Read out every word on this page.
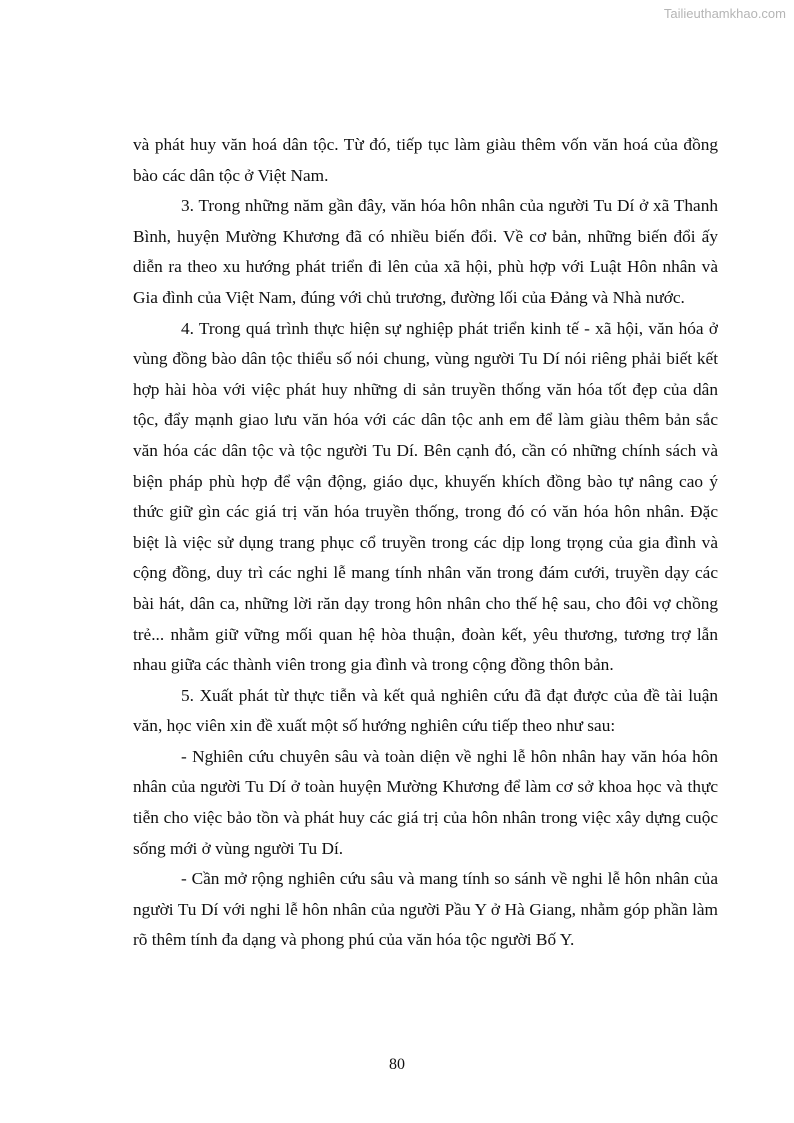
Tailieuthamkhao.com
và phát huy văn hoá dân tộc. Từ đó, tiếp tục làm giàu thêm vốn văn hoá của đồng
bào các dân tộc ở Việt Nam.
3. Trong những năm gần đây, văn hóa hôn nhân của người Tu Dí ở xã Thanh
Bình, huyện Mường Khương đã có nhiều biến đổi. Về cơ bản, những biến đổi ấy
diễn ra theo xu hướng phát triển đi lên của xã hội, phù hợp với Luật Hôn nhân và
Gia đình của Việt Nam, đúng với chủ trương, đường lối của Đảng và Nhà nước.
4. Trong quá trình thực hiện sự nghiệp phát triển kinh tế - xã hội, văn hóa ở
vùng đồng bào dân tộc thiểu số nói chung, vùng người Tu Dí nói riêng phải biết kết
hợp hài hòa với việc phát huy những di sản truyền thống văn hóa tốt đẹp của dân
tộc, đẩy mạnh giao lưu văn hóa với các dân tộc anh em để làm giàu thêm bản sắc
văn hóa các dân tộc và tộc người Tu Dí. Bên cạnh đó, cần có những chính sách và
biện pháp phù hợp để vận động, giáo dục, khuyến khích đồng bào tự nâng cao ý
thức giữ gìn các giá trị văn hóa truyền thống, trong đó có văn hóa hôn nhân. Đặc
biệt là việc sử dụng trang phục cổ truyền trong các dịp long trọng của gia đình và
cộng đồng, duy trì các nghi lễ mang tính nhân văn trong đám cưới, truyền dạy các
bài hát, dân ca, những lời răn dạy trong hôn nhân cho thế hệ sau, cho đôi vợ chồng
trẻ... nhằm giữ vững mối quan hệ hòa thuận, đoàn kết, yêu thương, tương trợ lẫn
nhau giữa các thành viên trong gia đình và trong cộng đồng thôn bản.
5. Xuất phát từ thực tiễn và kết quả nghiên cứu đã đạt được của đề tài luận
văn, học viên xin đề xuất một số hướng nghiên cứu tiếp theo như sau:
- Nghiên cứu chuyên sâu và toàn diện về nghi lễ hôn nhân hay văn hóa hôn
nhân của người Tu Dí ở toàn huyện Mường Khương để làm cơ sở khoa học và thực
tiễn cho việc bảo tồn và phát huy các giá trị của hôn nhân trong việc xây dựng cuộc
sống mới ở vùng người Tu Dí.
- Cần mở rộng nghiên cứu sâu và mang tính so sánh về nghi lễ hôn nhân của
người Tu Dí với nghi lễ hôn nhân của người Pầu Y ở Hà Giang, nhằm góp phần làm
rõ thêm tính đa dạng và phong phú của văn hóa tộc người Bố Y.
80
